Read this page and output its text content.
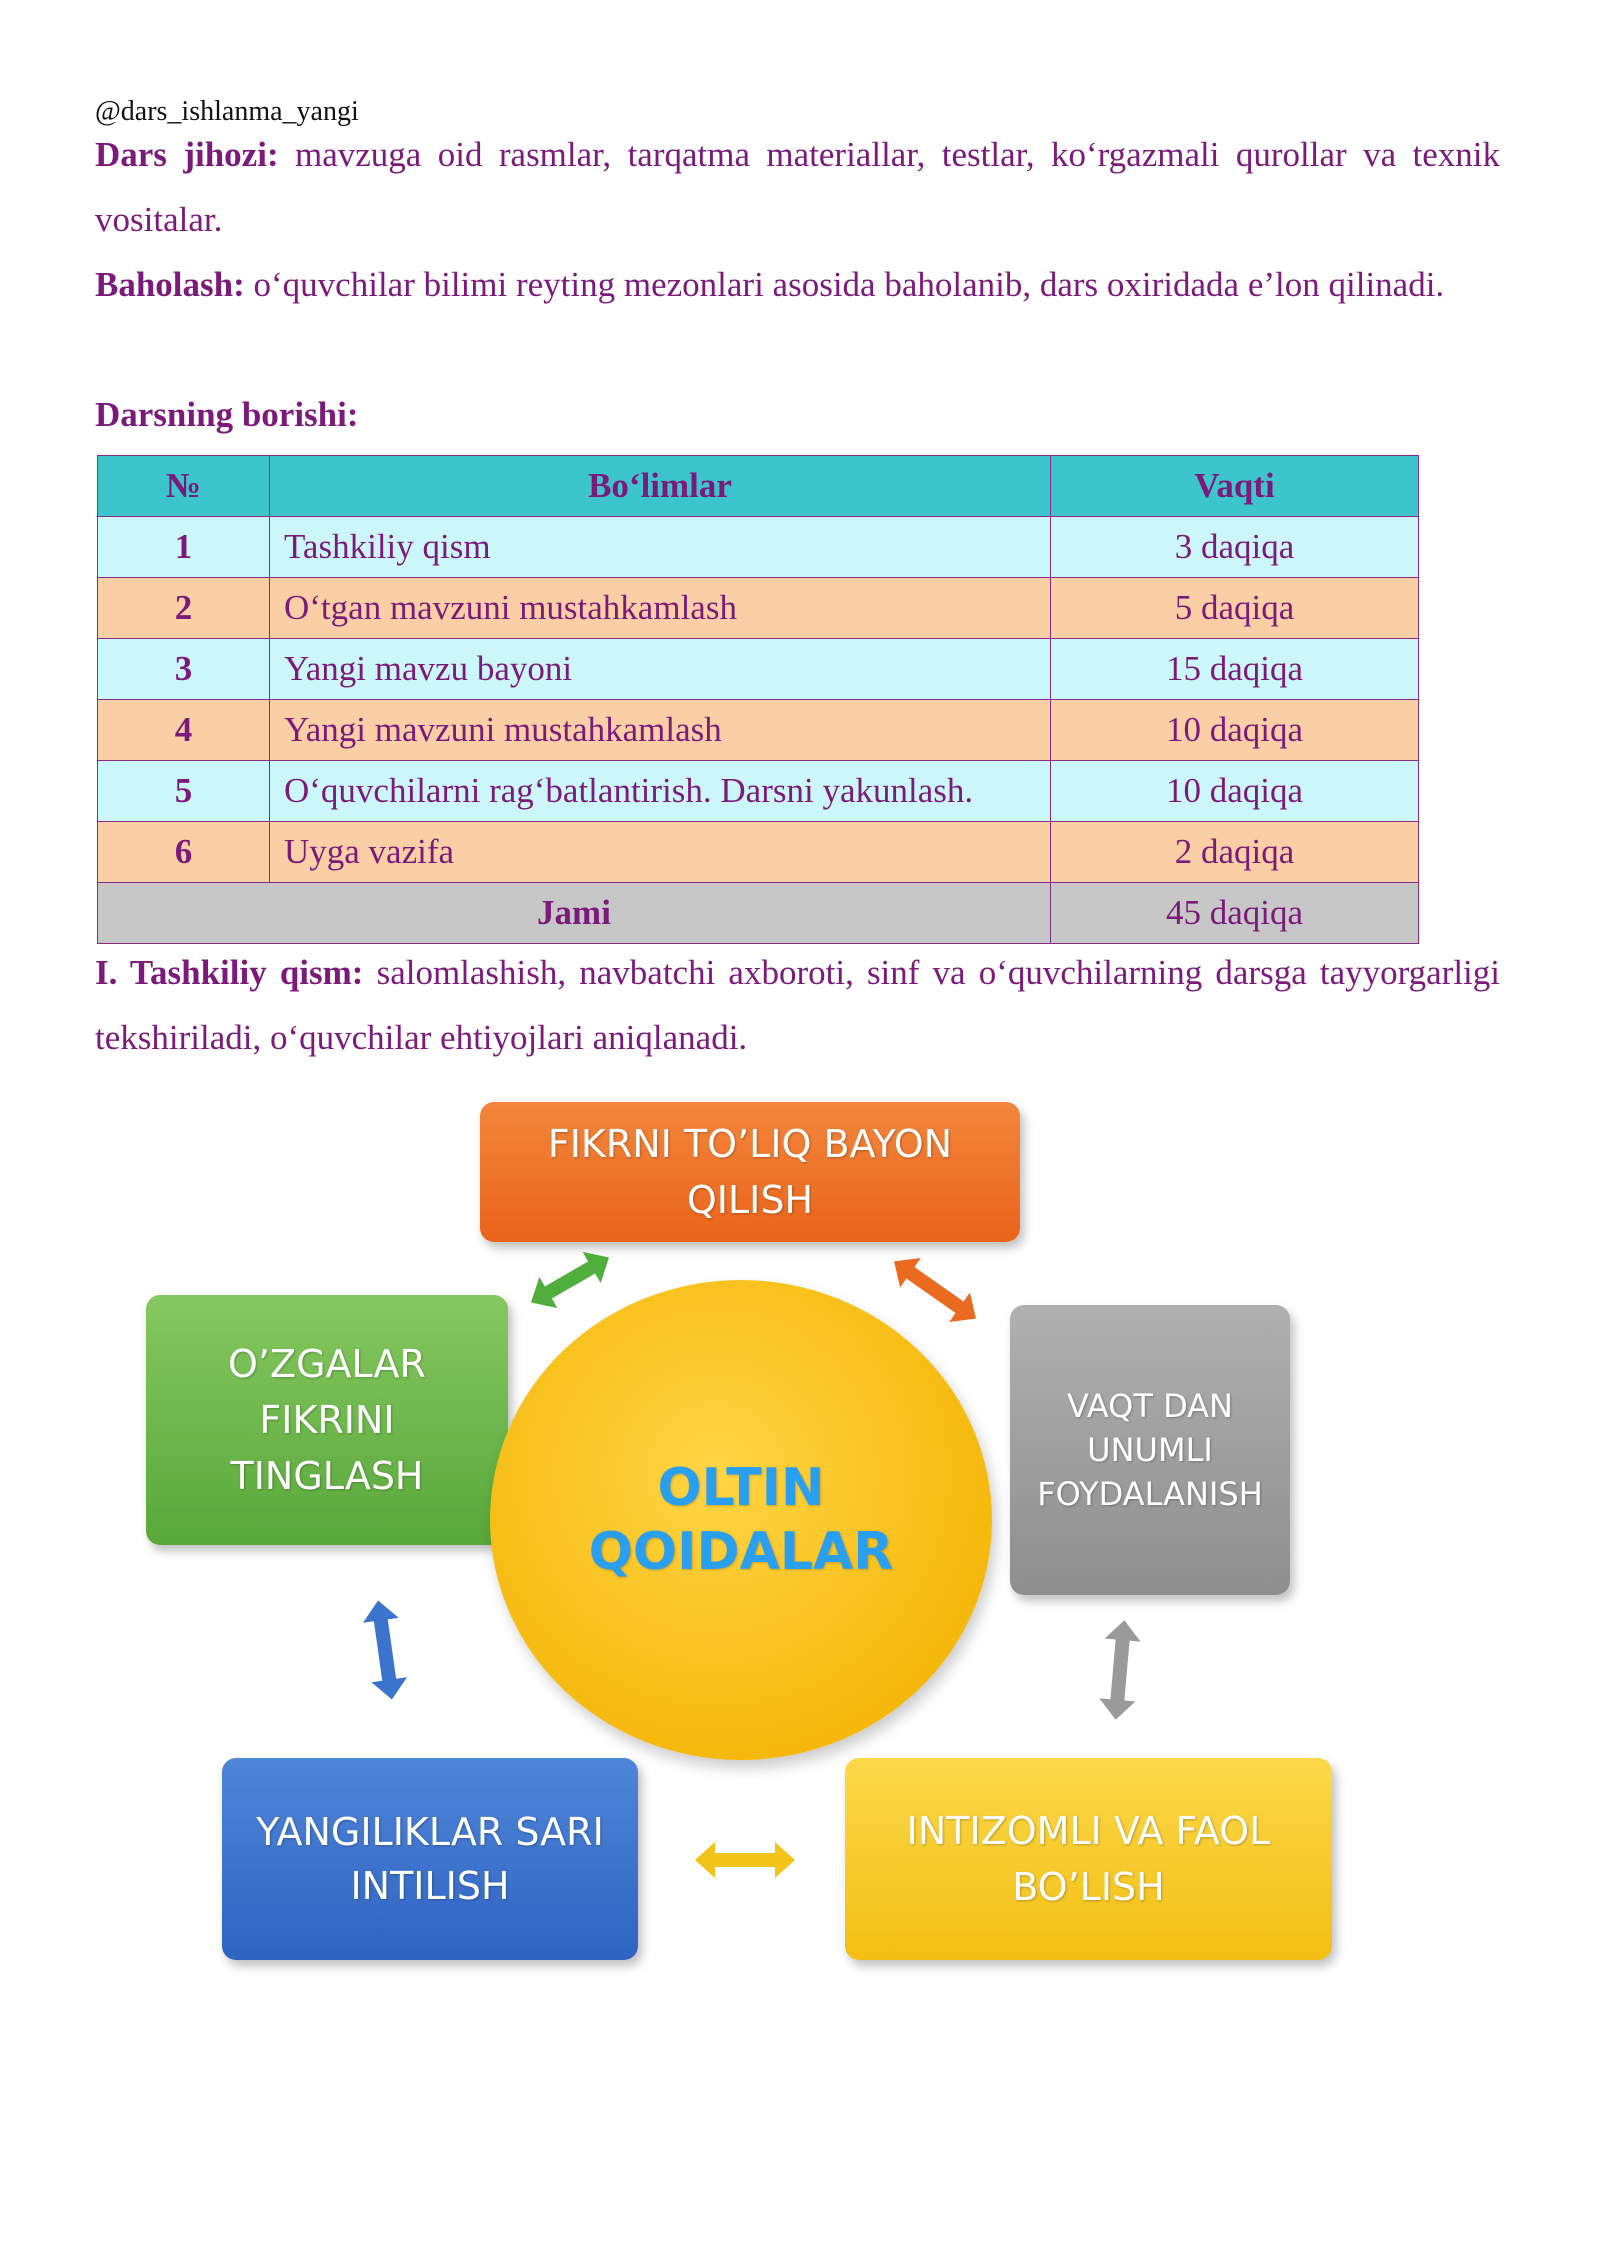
@dars_ishlanma_yangi
Dars jihozi: mavzuga oid rasmlar, tarqatma materiallar, testlar, ko‘rgazmali qurollar va texnik vositalar.
Baholash: o‘quvchilar bilimi reyting mezonlari asosida baholanib, dars oxiridada e’lon qilinadi.
Darsning borishi:
№	Bo‘limlar	Vaqti
1	Tashkiliy qism	3 daqiqa
2	O‘tgan mavzuni mustahkamlash	5 daqiqa
3	Yangi mavzu bayoni	15 daqiqa
4	Yangi mavzuni mustahkamlash	10 daqiqa
5	O‘quvchilarni rag‘batlantirish. Darsni yakunlash.	10 daqiqa
6	Uyga vazifa	2 daqiqa
Jami		45 daqiqa
I. Tashkiliy qism: salomlashish, navbatchi axboroti, sinf va o‘quvchilarning darsga tayyorgarligi tekshiriladi, o‘quvchilar ehtiyojlari aniqlanadi.
FIKRNI TO’LIQ BAYON
QILISH
O’ZGALAR
FIKRINI
TINGLASH
VAQT DAN
UNUMLI
FOYDALANISH
OLTIN
QOIDALAR
YANGILIKLAR SARI
INTILISH
INTIZOMLI VA FAOL
BO’LISH
